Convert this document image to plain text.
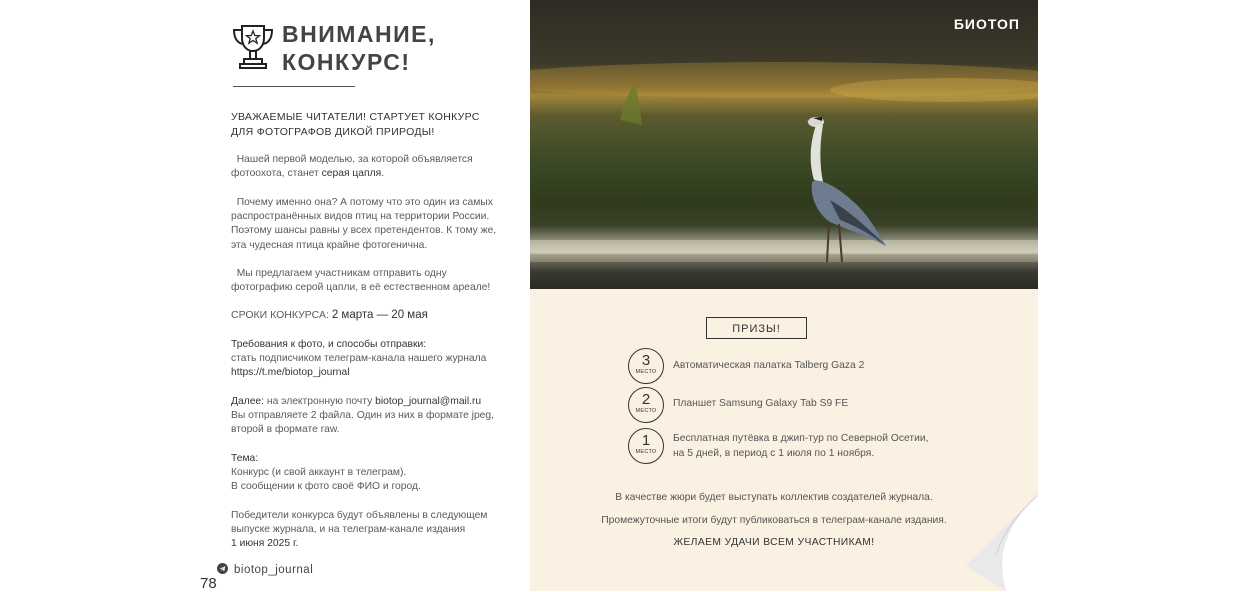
ВНИМАНИЕ,
КОНКУРС!
УВАЖАЕМЫЕ ЧИТАТЕЛИ! СТАРТУЕТ КОНКУРС
ДЛЯ ФОТОГРАФОВ ДИКОЙ ПРИРОДЫ!
Нашей первой моделью, за которой объявляется
фотоохота, станет серая цапля.
Почему именно она? А потому что это один из самых
распространённых видов птиц на территории России.
Поэтому шансы равны у всех претендентов. К тому же,
эта чудесная птица крайне фотогенична.
Мы предлагаем участникам отправить одну
фотографию серой цапли, в её естественном ареале!
СРОКИ КОНКУРСА: 2 марта — 20 мая
Требования к фото, и способы отправки:
стать подписчиком телеграм-канала нашего журнала
https://t.me/biotop_journal
Далее: на электронную почту biotop_journal@mail.ru
Вы отправляете 2 файла. Один из них в формате jpeg,
второй в формате raw.
Тема:
Конкурс (и свой аккаунт в телеграм).
В сообщении к фото своё ФИО и город.
Победители конкурса будут объявлены в следующем
выпуске журнала, и на телеграм-канале издания
1 июня 2025 г.
biotop_journal
78
БИОТОП
ПРИЗЫ!
3
МЕСТО
Автоматическая палатка Talberg Gaza 2
2
МЕСТО
Планшет Samsung Galaxy Tab S9 FE
1
МЕСТО
Бесплатная путёвка в джип-тур по Северной Осетии,
на 5 дней, в период с 1 июля по 1 ноября.
В качестве жюри будет выступать коллектив создателей журнала.
Промежуточные итоги будут публиковаться в телеграм-канале издания.
ЖЕЛАЕМ УДАЧИ ВСЕМ УЧАСТНИКАМ!
